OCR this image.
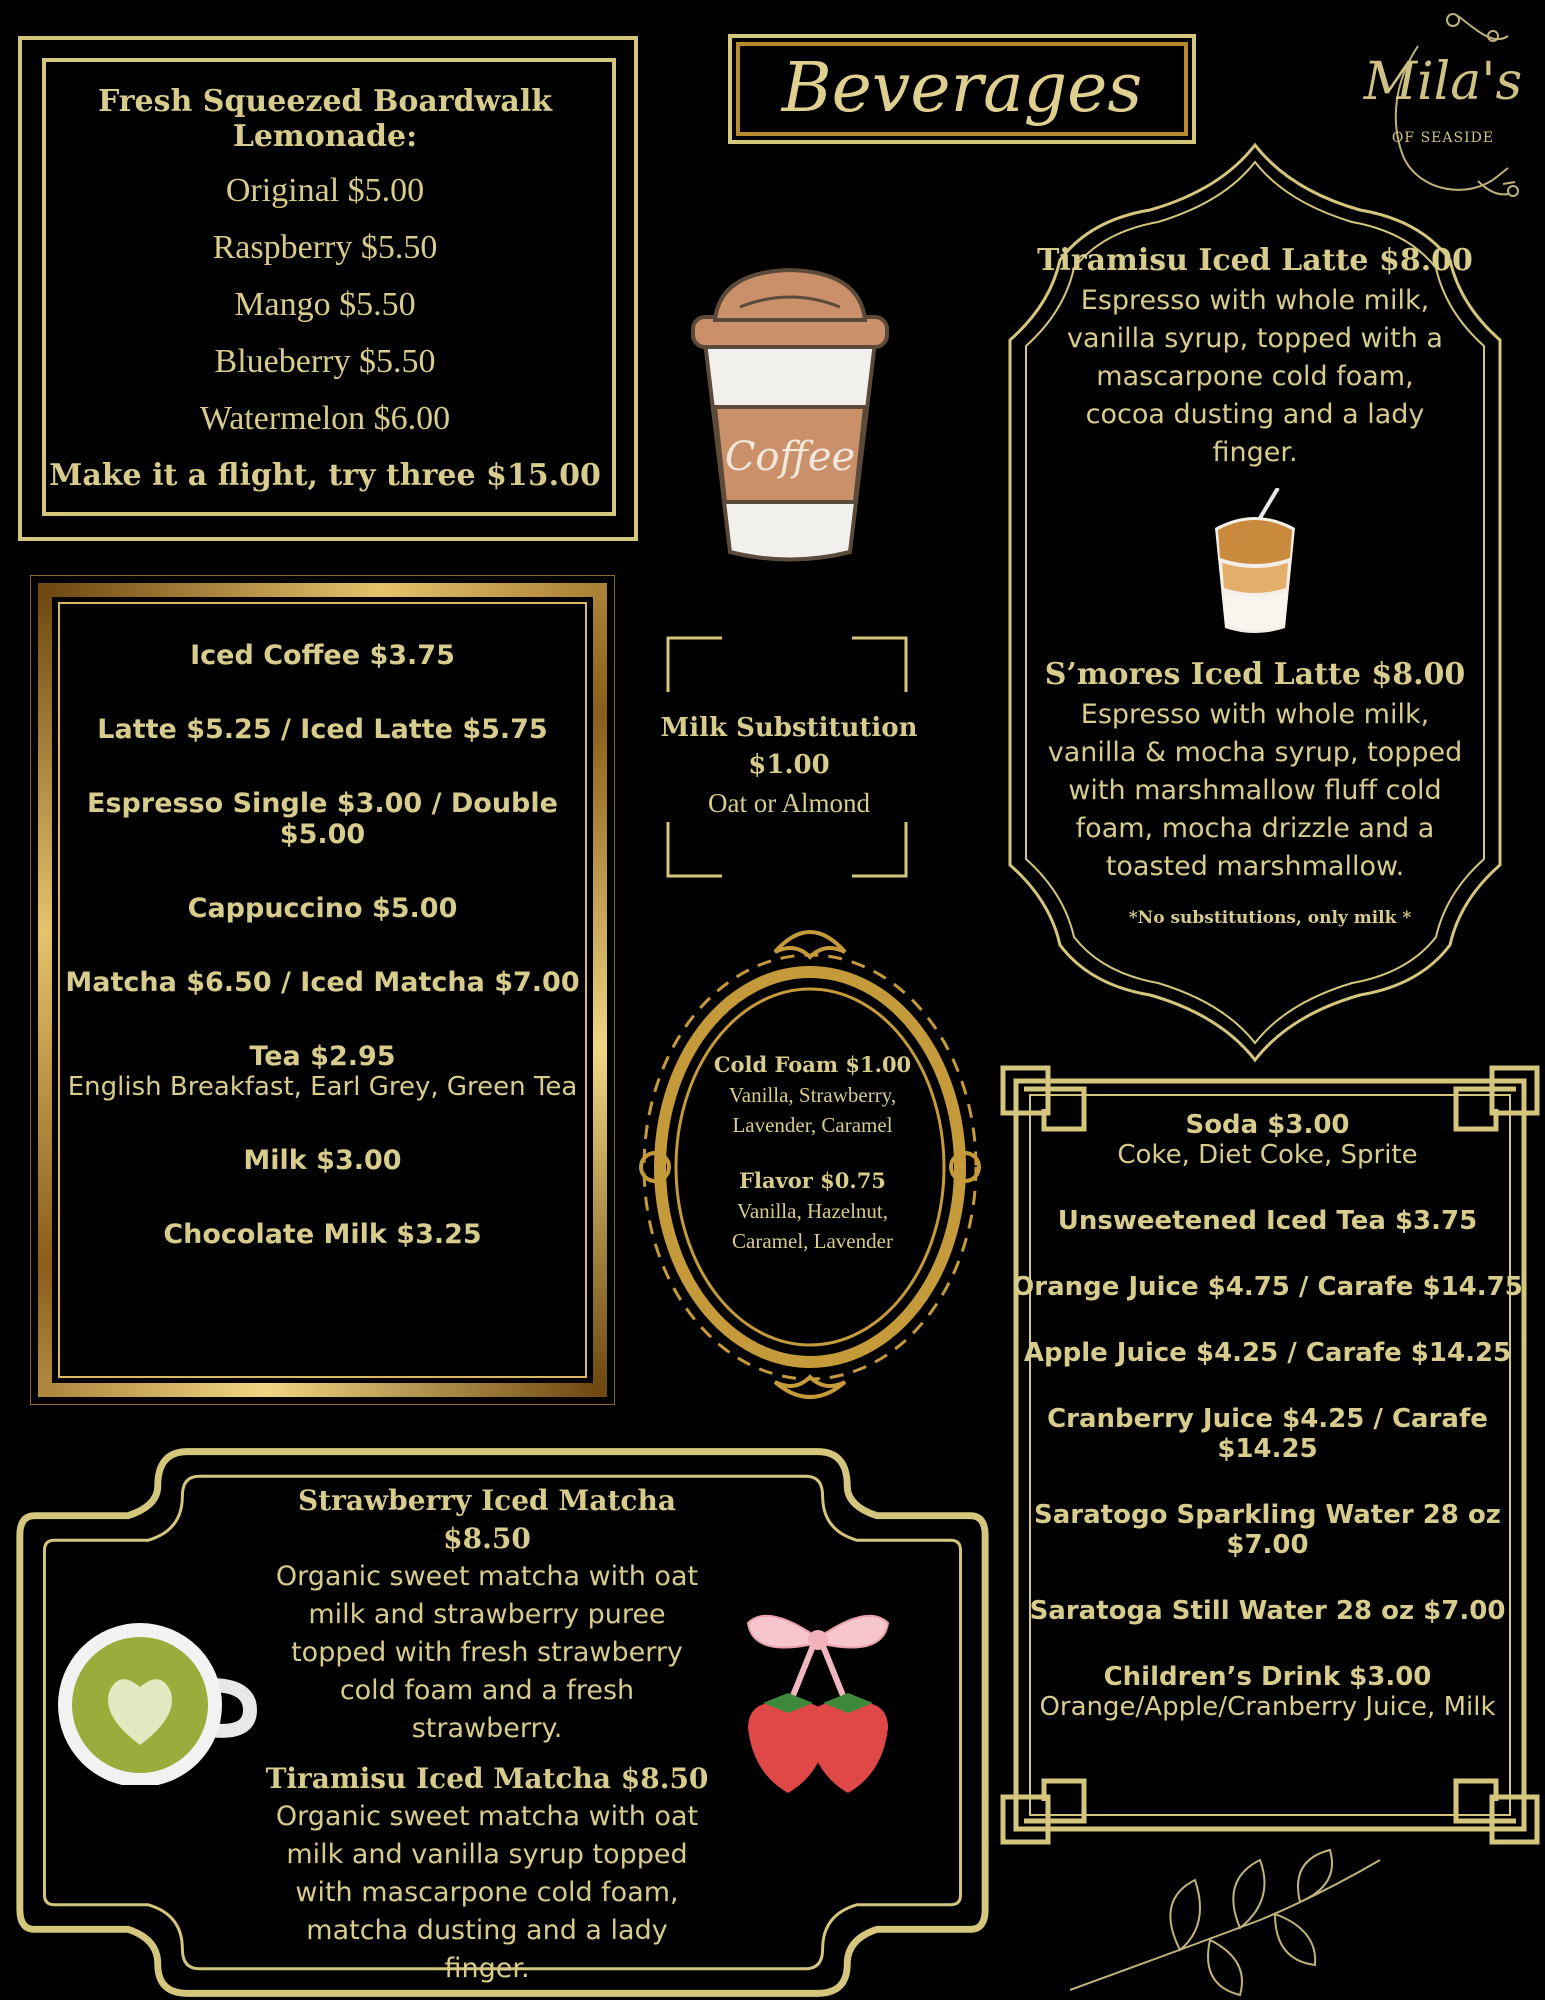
Fresh Squeezed Boardwalk Lemonade:
Original $5.00
Raspberry $5.50
Mango $5.50
Blueberry $5.50
Watermelon $6.00
Make it a flight, try three $15.00
Beverages	Mila's
OF SEASIDE
Coffee
Iced Coffee $3.75
Latte $5.25 / Iced Latte $5.75
Espresso Single $3.00 / Double $5.00
Cappuccino $5.00
Matcha $6.50 / Iced Matcha $7.00
Tea $2.95
English Breakfast, Earl Grey, Green Tea
Milk $3.00
Chocolate Milk $3.25
Milk Substitution
$1.00
Oat or Almond
Cold Foam $1.00
Vanilla, Strawberry,
Lavender, Caramel
Flavor $0.75
Vanilla, Hazelnut,
Caramel, Lavender
Tiramisu Iced Latte $8.00
Espresso with whole milk,
vanilla syrup, topped with a
mascarpone cold foam,
cocoa dusting and a lady
finger.
S’mores Iced Latte $8.00
Espresso with whole milk,
vanilla & mocha syrup, topped
with marshmallow fluff cold
foam, mocha drizzle and a
toasted marshmallow.
*No substitutions, only milk *
Soda $3.00
Coke, Diet Coke, Sprite
Unsweetened Iced Tea $3.75
Orange Juice $4.75 / Carafe $14.75
Apple Juice $4.25 / Carafe $14.25
Cranberry Juice $4.25 / Carafe $14.25
Saratogo Sparkling Water 28 oz $7.00
Saratoga Still Water 28 oz $7.00
Children’s Drink $3.00
Orange/Apple/Cranberry Juice, Milk
Strawberry Iced Matcha $8.50
Organic sweet matcha with oat
milk and strawberry puree
topped with fresh strawberry
cold foam and a fresh
strawberry.
Tiramisu Iced Matcha $8.50
Organic sweet matcha with oat
milk and vanilla syrup topped
with mascarpone cold foam,
matcha dusting and a lady
finger.
